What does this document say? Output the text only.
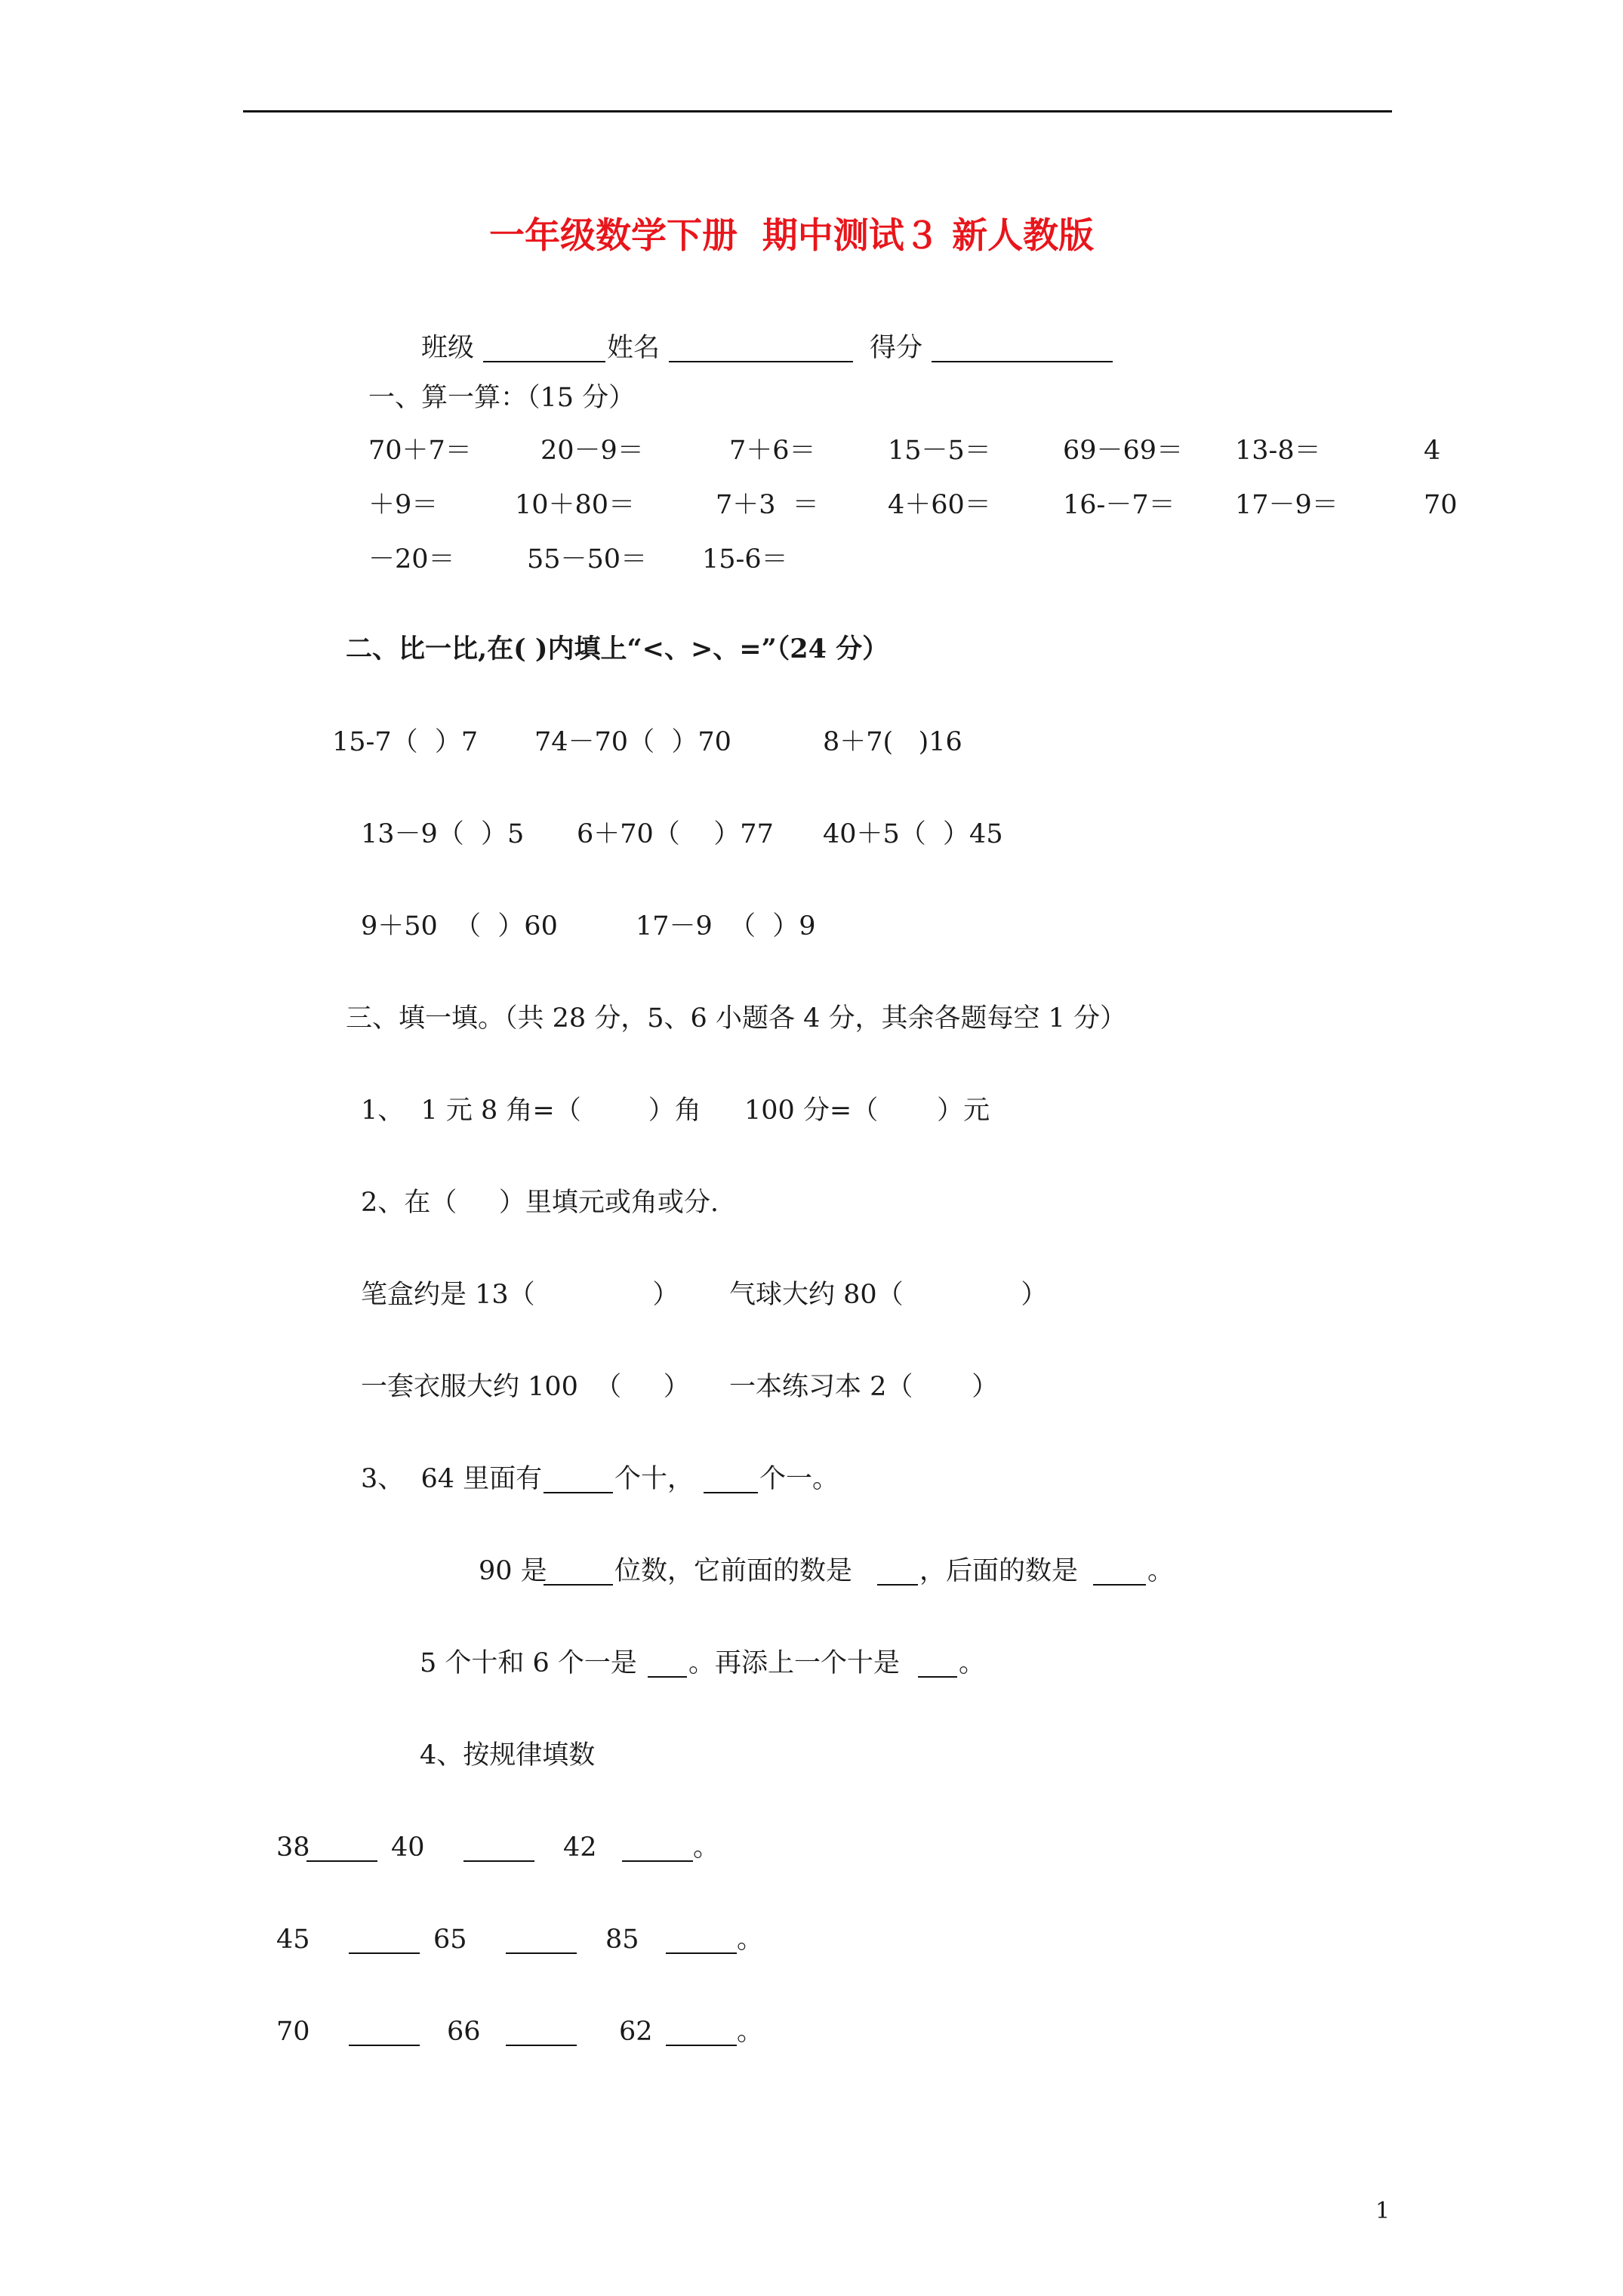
一年级数学下册  期中测试３ 新人教版
班级	姓名	得分
一、算一算：（15 分）
70＋7＝	20－9＝	7＋6＝	15－5＝	69－69＝ 13-8＝	4
＋9＝	10＋80＝	7＋3  ＝	4＋60＝	16-－7＝ 17－9＝	70
－20＝	55－50＝ 15-6＝
二、比一比,在( )内填上“<、>、=”（24 分）
15-7（  ）7 74－70（  ）70	8＋7(   )16
13－9（  ）5 6＋70（    ）77 40＋5（  ）45
9＋50  （  ）60	17－9  （  ）9
三、填一填。（共 28 分，5、6 小题各 4 分，其余各题每空 1 分）
1、  1 元 8 角=（        ）角 100 分=（       ）元
2、在（     ）里填元或角或分.
笔盒约是 13（              ） 气球大约 80（              ）
一套衣服大约 100  （     ） 一本练习本 2（       ）
3、  64 里面有	个十， 个一。
90 是	位数，它前面的数是	，后面的数是	。
5 个十和 6 个一是 。再添上一个十是 。
4、按规律填数
38	40	42	。
45	65	85	。
70	66	62	。
1
